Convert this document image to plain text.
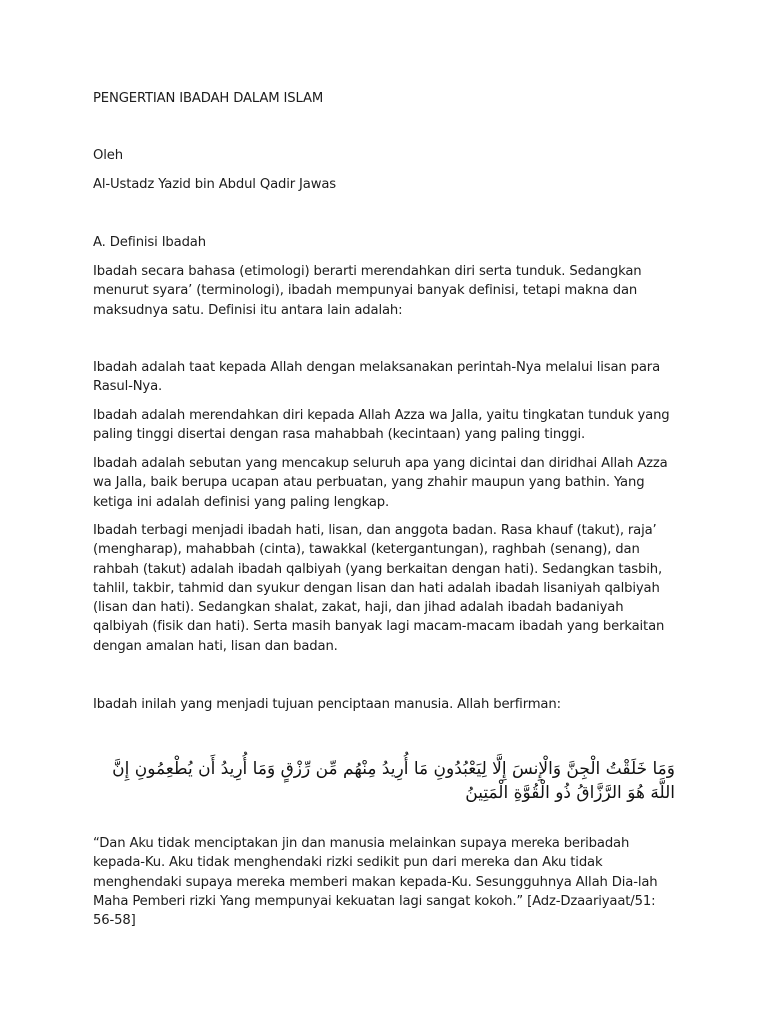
PENGERTIAN IBADAH DALAM ISLAM

Oleh

Al-Ustadz Yazid bin Abdul Qadir Jawas

A. Definisi Ibadah

Ibadah secara bahasa (etimologi) berarti merendahkan diri serta tunduk. Sedangkan menurut syara’ (terminologi), ibadah mempunyai banyak definisi, tetapi makna dan maksudnya satu. Definisi itu antara lain adalah:

Ibadah adalah taat kepada Allah dengan melaksanakan perintah-Nya melalui lisan para Rasul-Nya.

Ibadah adalah merendahkan diri kepada Allah Azza wa Jalla, yaitu tingkatan tunduk yang paling tinggi disertai dengan rasa mahabbah (kecintaan) yang paling tinggi.

Ibadah adalah sebutan yang mencakup seluruh apa yang dicintai dan diridhai Allah Azza wa Jalla, baik berupa ucapan atau perbuatan, yang zhahir maupun yang bathin. Yang ketiga ini adalah definisi yang paling lengkap.

Ibadah terbagi menjadi ibadah hati, lisan, dan anggota badan. Rasa khauf (takut), raja’ (mengharap), mahabbah (cinta), tawakkal (ketergantungan), raghbah (senang), dan rahbah (takut) adalah ibadah qalbiyah (yang berkaitan dengan hati). Sedangkan tasbih, tahlil, takbir, tahmid dan syukur dengan lisan dan hati adalah ibadah lisaniyah qalbiyah (lisan dan hati). Sedangkan shalat, zakat, haji, dan jihad adalah ibadah badaniyah qalbiyah (fisik dan hati). Serta masih banyak lagi macam-macam ibadah yang berkaitan dengan amalan hati, lisan dan badan.

Ibadah inilah yang menjadi tujuan penciptaan manusia. Allah berfirman:

وَمَا خَلَقْتُ الْجِنَّ وَالْإِنسَ إِلَّا لِيَعْبُدُونِ مَا أُرِيدُ مِنْهُم مِّن رِّزْقٍ وَمَا أُرِيدُ أَن يُطْعِمُونِ إِنَّ اللَّهَ هُوَ الرَّزَّاقُ ذُو الْقُوَّةِ الْمَتِينُ

“Dan Aku tidak menciptakan jin dan manusia melainkan supaya mereka beribadah kepada-Ku. Aku tidak menghendaki rizki sedikit pun dari mereka dan Aku tidak menghendaki supaya mereka memberi makan kepada-Ku. Sesungguhnya Allah Dia-lah Maha Pemberi rizki Yang mempunyai kekuatan lagi sangat kokoh.” [Adz-Dzaariyaat/51: 56-58]
